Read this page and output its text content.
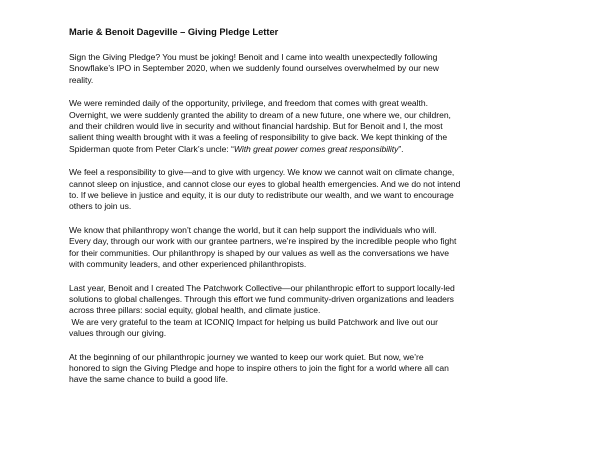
Marie & Benoit Dageville – Giving Pledge Letter
Sign the Giving Pledge? You must be joking! Benoit and I came into wealth unexpectedly following
Snowflake’s IPO in September 2020, when we suddenly found ourselves overwhelmed by our new
reality.
We were reminded daily of the opportunity, privilege, and freedom that comes with great wealth.
Overnight, we were suddenly granted the ability to dream of a new future, one where we, our children,
and their children would live in security and without financial hardship. But for Benoit and I, the most
salient thing wealth brought with it was a feeling of responsibility to give back. We kept thinking of the
Spiderman quote from Peter Clark’s uncle: “With great power comes great responsibility”.
We feel a responsibility to give—and to give with urgency. We know we cannot wait on climate change,
cannot sleep on injustice, and cannot close our eyes to global health emergencies. And we do not intend
to. If we believe in justice and equity, it is our duty to redistribute our wealth, and we want to encourage
others to join us.
We know that philanthropy won’t change the world, but it can help support the individuals who will.
Every day, through our work with our grantee partners, we’re inspired by the incredible people who fight
for their communities. Our philanthropy is shaped by our values as well as the conversations we have
with community leaders, and other experienced philanthropists.
Last year, Benoit and I created The Patchwork Collective—our philanthropic effort to support locally-led
solutions to global challenges. Through this effort we fund community-driven organizations and leaders
across three pillars: social equity, global health, and climate justice.
We are very grateful to the team at ICONIQ Impact for helping us build Patchwork and live out our
values through our giving.
At the beginning of our philanthropic journey we wanted to keep our work quiet. But now, we’re
honored to sign the Giving Pledge and hope to inspire others to join the fight for a world where all can
have the same chance to build a good life.
